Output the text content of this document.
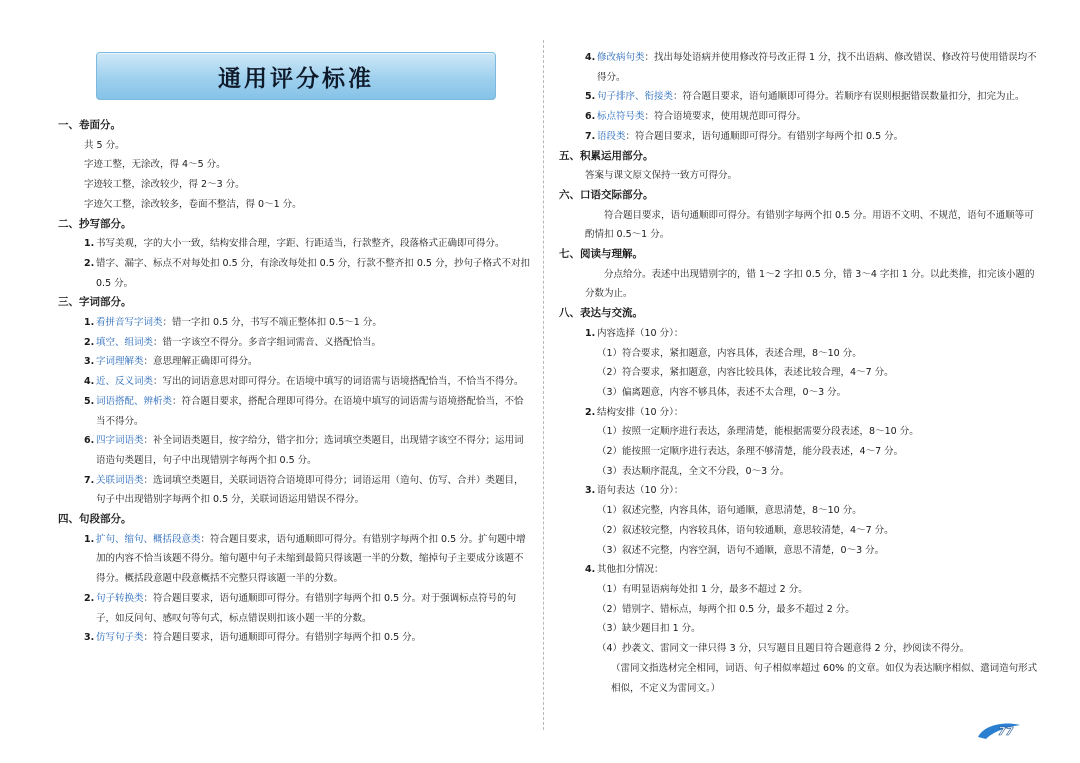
通用评分标准
一、卷面分。
共 5 分。
字迹工整，无涂改，得 4～5 分。
字迹较工整，涂改较少，得 2～3 分。
字迹欠工整，涂改较多，卷面不整洁，得 0～1 分。
二、抄写部分。
1. 书写美观，字的大小一致，结构安排合理，字距、行距适当，行款整齐，段落格式正确即可得分。
2. 错字、漏字、标点不对每处扣 0.5 分，有涂改每处扣 0.5 分，行款不整齐扣 0.5 分，抄句子格式不对扣 0.5 分。
三、字词部分。
1. 看拼音写字词类：错一字扣 0.5 分，书写不端正整体扣 0.5～1 分。
2. 填空、组词类：错一字该空不得分。多音字组词需音、义搭配恰当。
3. 字词理解类：意思理解正确即可得分。
4. 近、反义词类：写出的词语意思对即可得分。在语境中填写的词语需与语境搭配恰当，不恰当不得分。
5. 词语搭配、辨析类：符合题目要求，搭配合理即可得分。在语境中填写的词语需与语境搭配恰当，不恰当不得分。
6. 四字词语类：补全词语类题目，按字给分，错字扣分；选词填空类题目，出现错字该空不得分；运用词语造句类题目，句子中出现错别字每两个扣 0.5 分。
7. 关联词语类：选词填空类题目，关联词语符合语境即可得分；词语运用（造句、仿写、合并）类题目，句子中出现错别字每两个扣 0.5 分，关联词语运用错误不得分。
四、句段部分。
1. 扩句、缩句、概括段意类：符合题目要求，语句通顺即可得分。有错别字每两个扣 0.5 分。扩句题中增加的内容不恰当该题不得分。缩句题中句子未缩到最简只得该题一半的分数，缩掉句子主要成分该题不得分。概括段意题中段意概括不完整只得该题一半的分数。
2. 句子转换类：符合题目要求，语句通顺即可得分。有错别字每两个扣 0.5 分。对于强调标点符号的句子，如反问句、感叹句等句式，标点错误则扣该小题一半的分数。
3. 仿写句子类：符合题目要求，语句通顺即可得分。有错别字每两个扣 0.5 分。
4. 修改病句类：找出每处语病并使用修改符号改正得 1 分，找不出语病、修改错误、修改符号使用错误均不得分。
5. 句子排序、衔接类：符合题目要求，语句通顺即可得分。若顺序有误则根据错误数量扣分，扣完为止。
6. 标点符号类：符合语境要求，使用规范即可得分。
7. 语段类：符合题目要求，语句通顺即可得分。有错别字每两个扣 0.5 分。
五、积累运用部分。
答案与课文原文保持一致方可得分。
六、口语交际部分。
符合题目要求，语句通顺即可得分。有错别字每两个扣 0.5 分。用语不文明、不规范，语句不通顺等可酌情扣 0.5～1 分。
七、阅读与理解。
分点给分。表述中出现错别字的，错 1～2 字扣 0.5 分，错 3～4 字扣 1 分。以此类推，扣完该小题的分数为止。
八、表达与交流。
1. 内容选择（10 分）：
（1）符合要求，紧扣题意，内容具体，表述合理，8～10 分。
（2）符合要求，紧扣题意，内容比较具体，表述比较合理，4～7 分。
（3）偏离题意，内容不够具体，表述不太合理，0～3 分。
2. 结构安排（10 分）：
（1）按照一定顺序进行表达，条理清楚，能根据需要分段表述，8～10 分。
（2）能按照一定顺序进行表达，条理不够清楚，能分段表述，4～7 分。
（3）表达顺序混乱，全文不分段，0～3 分。
3. 语句表达（10 分）：
（1）叙述完整，内容具体，语句通顺，意思清楚，8～10 分。
（2）叙述较完整，内容较具体，语句较通顺，意思较清楚，4～7 分。
（3）叙述不完整，内容空洞，语句不通顺，意思不清楚，0～3 分。
4. 其他扣分情况：
（1）有明显语病每处扣 1 分，最多不超过 2 分。
（2）错别字、错标点，每两个扣 0.5 分，最多不超过 2 分。
（3）缺少题目扣 1 分。
（4）抄袭文、雷同文一律只得 3 分，只写题目且题目符合题意得 2 分，抄阅读不得分。
（雷同文指选材完全相同，词语、句子相似率超过 60% 的文章。如仅为表达顺序相似、遣词造句形式相似，不定义为雷同文。）
77
